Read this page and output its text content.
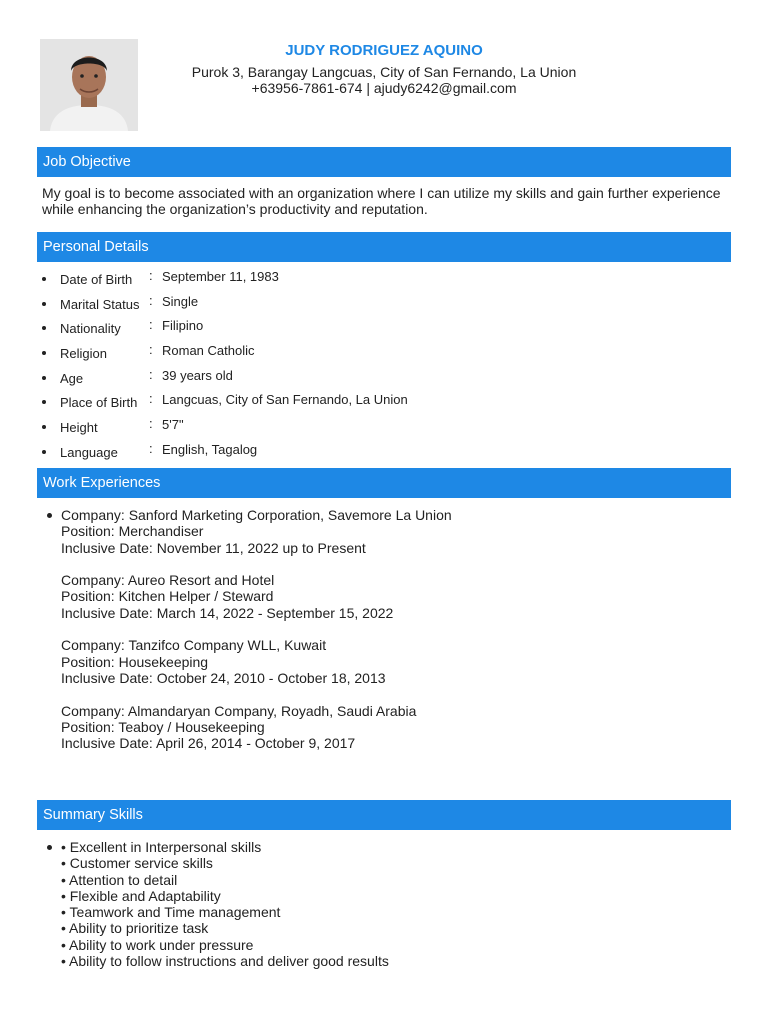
JUDY RODRIGUEZ AQUINO
Purok 3, Barangay Langcuas, City of San Fernando, La Union
+63956-7861-674 | ajudy6242@gmail.com
Job Objective
My goal is to become associated with an organization where I can utilize my skills and gain further experience while enhancing the organization’s productivity and reputation.
Personal Details
Date of Birth : September 11, 1983
Marital Status : Single
Nationality : Filipino
Religion	: Roman Catholic
Age	: 39 years old
Place of Birth : Langcuas, City of San Fernando, La Union
Height	: 5'7"
Language : English, Tagalog
Work Experiences
Company: Sanford Marketing Corporation, Savemore La Union
Position: Merchandiser
Inclusive Date: November 11, 2022 up to Present
Company: Aureo Resort and Hotel
Position: Kitchen Helper / Steward
Inclusive Date: March 14, 2022 - September 15, 2022
Company: Tanzifco Company WLL, Kuwait
Position: Housekeeping
Inclusive Date: October 24, 2010 - October 18, 2013
Company: Almandaryan Company, Royadh, Saudi Arabia
Position: Teaboy / Housekeeping
Inclusive Date: April 26, 2014 - October 9, 2017
Summary Skills
• Excellent in Interpersonal skills
• Customer service skills
• Attention to detail
• Flexible and Adaptability
• Teamwork and Time management
• Ability to prioritize task
• Ability to work under pressure
• Ability to follow instructions and deliver good results
